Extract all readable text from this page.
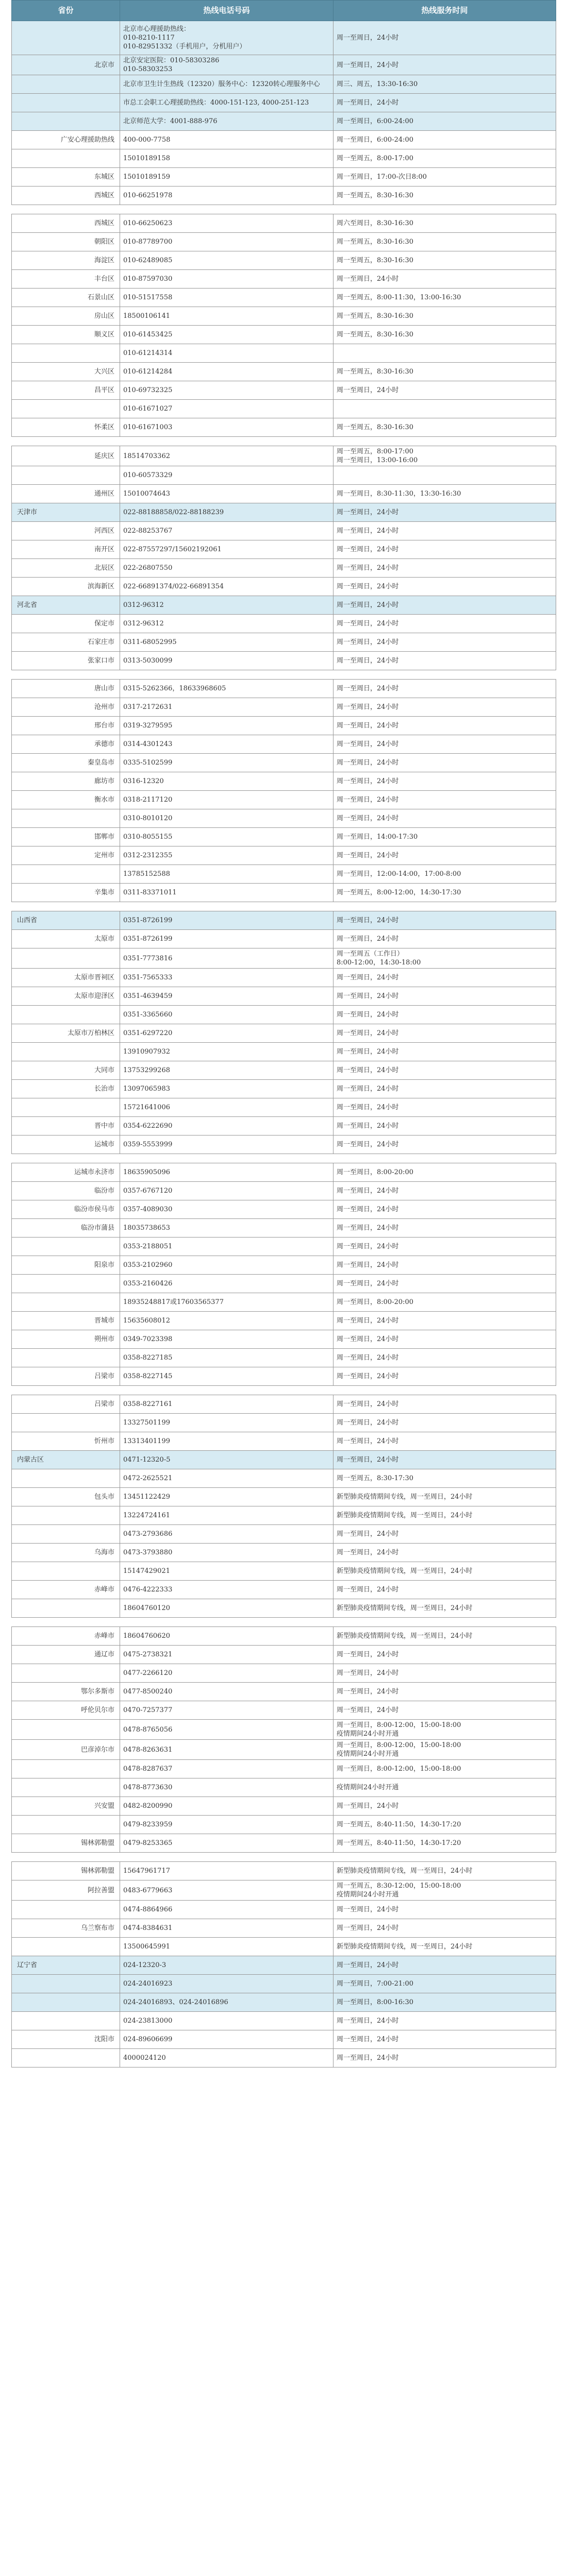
省份	热线电话号码	热线服务时间
	北京市心理援助热线：
010-8210-1117
010-82951332（手机用户，分机用户）	周一至周日，24小时
北京市	北京安定医院：010-58303286
010-58303253	周一至周日，24小时
	北京市卫生计生热线（12320）服务中心：12320转心理服务中心	周三、周五，13:30-16:30
	市总工会职工心理援助热线：4000-151-123, 4000-251-123	周一至周日，24小时
	北京师范大学：4001-888-976	周一至周日，6:00-24:00
广安心理援助热线	400-000-7758	周一至周日，6:00-24:00
	15010189158	周一至周五，8:00-17:00
东城区	15010189159	周一至周日，17:00-次日8:00
西城区	010-66251978	周一至周五，8:30-16:30

西城区	010-66250623	周六至周日，8:30-16:30
朝阳区	010-87789700	周一至周五，8:30-16:30
海淀区	010-62489085	周一至周五，8:30-16:30
丰台区	010-87597030	周一至周日，24小时
石景山区	010-51517558	周一至周五，8:00-11:30，13:00-16:30
房山区	18500106141	周一至周五，8:30-16:30
顺义区	010-61453425	周一至周五，8:30-16:30
	010-61214314	
大兴区	010-61214284	周一至周五，8:30-16:30
昌平区	010-69732325	周一至周日，24小时
	010-61671027	
怀柔区	010-61671003	周一至周五，8:30-16:30

延庆区	18514703362	周一至周五，8:00-17:00
周一至周日，13:00-16:00
	010-60573329	
通州区	15010074643	周一至周日，8:30-11:30，13:30-16:30
天津市	022-88188858/022-88188239	周一至周日，24小时
河西区	022-88253767	周一至周日，24小时
南开区	022-87557297/15602192061	周一至周日，24小时
北辰区	022-26807550	周一至周日，24小时
滨海新区	022-66891374/022-66891354	周一至周日，24小时
河北省	0312-96312	周一至周日，24小时
保定市	0312-96312	周一至周日，24小时
石家庄市	0311-68052995	周一至周日，24小时
张家口市	0313-5030099	周一至周日，24小时

唐山市	0315-5262366，18633968605	周一至周日，24小时
沧州市	0317-2172631	周一至周日，24小时
邢台市	0319-3279595	周一至周日，24小时
承德市	0314-4301243	周一至周日，24小时
秦皇岛市	0335-5102599	周一至周日，24小时
廊坊市	0316-12320	周一至周日，24小时
衡水市	0318-2117120	周一至周日，24小时
	0310-8010120	周一至周日，24小时
邯郸市	0310-8055155	周一至周日，14:00-17:30
定州市	0312-2312355	周一至周日，24小时
	13785152588	周一至周日，12:00-14:00，17:00-8:00
辛集市	0311-83371011	周一至周五，8:00-12:00，14:30-17:30

山西省	0351-8726199	周一至周日，24小时
太原市	0351-8726199	周一至周日，24小时
	0351-7773816	周一至周五（工作日）
8:00-12:00，14:30-18:00
太原市晋祠区	0351-7565333	周一至周日，24小时
太原市迎泽区	0351-4639459	周一至周日，24小时
	0351-3365660	周一至周日，24小时
太原市万柏林区	0351-6297220	周一至周日，24小时
	13910907932	周一至周日，24小时
大同市	13753299268	周一至周日，24小时
长治市	13097065983	周一至周日，24小时
	15721641006	周一至周日，24小时
晋中市	0354-6222690	周一至周日，24小时
运城市	0359-5553999	周一至周日，24小时

运城市永济市	18635905096	周一至周日，8:00-20:00
临汾市	0357-6767120	周一至周日，24小时
临汾市侯马市	0357-4089030	周一至周日，24小时
临汾市蒲县	18035738653	周一至周日，24小时
	0353-2188051	周一至周日，24小时
阳泉市	0353-2102960	周一至周日，24小时
	0353-2160426	周一至周日，24小时
	18935248817或17603565377	周一至周日，8:00-20:00
晋城市	15635608012	周一至周日，24小时
朔州市	0349-7023398	周一至周日，24小时
	0358-8227185	周一至周日，24小时
吕梁市	0358-8227145	周一至周日，24小时

吕梁市	0358-8227161	周一至周日，24小时
	13327501199	周一至周日，24小时
忻州市	13313401199	周一至周日，24小时
内蒙古区	0471-12320-5	周一至周日，24小时
	0472-2625521	周一至周五，8:30-17:30
包头市	13451122429	新型肺炎疫情期间专线，周一至周日，24小时
	13224724161	新型肺炎疫情期间专线，周一至周日，24小时
	0473-2793686	周一至周日，24小时
乌海市	0473-3793880	周一至周日，24小时
	15147429021	新型肺炎疫情期间专线，周一至周日，24小时
赤峰市	0476-4222333	周一至周日，24小时
	18604760120	新型肺炎疫情期间专线，周一至周日，24小时

赤峰市	18604760620	新型肺炎疫情期间专线，周一至周日，24小时
通辽市	0475-2738321	周一至周日，24小时
	0477-2266120	周一至周日，24小时
鄂尔多斯市	0477-8500240	周一至周日，24小时
呼伦贝尔市	0470-7257377	周一至周日，24小时
	0478-8765056	周一至周日，8:00-12:00，15:00-18:00
疫情期间24小时开通
巴彦淖尔市	0478-8263631	周一至周日，8:00-12:00，15:00-18:00
疫情期间24小时开通
	0478-8287637	周一至周日，8:00-12:00，15:00-18:00
	0478-8773630	疫情期间24小时开通
兴安盟	0482-8200990	周一至周日，24小时
	0479-8233959	周一至周五，8:40-11:50，14:30-17:20
锡林郭勒盟	0479-8253365	周一至周五，8:40-11:50，14:30-17:20

锡林郭勒盟	15647961717	新型肺炎疫情期间专线，周一至周日，24小时
阿拉善盟	0483-6779663	周一至周五，8:30-12:00，15:00-18:00
疫情期间24小时开通
	0474-8864966	周一至周日，24小时
乌兰察布市	0474-8384631	周一至周日，24小时
	13500645991	新型肺炎疫情期间专线，周一至周日，24小时
辽宁省	024-12320-3	周一至周日，24小时
	024-24016923	周一至周日，7:00-21:00
	024-24016893、024-24016896	周一至周日，8:00-16:30
	024-23813000	周一至周日，24小时
沈阳市	024-89606699	周一至周日，24小时
	4000024120	周一至周日，24小时
